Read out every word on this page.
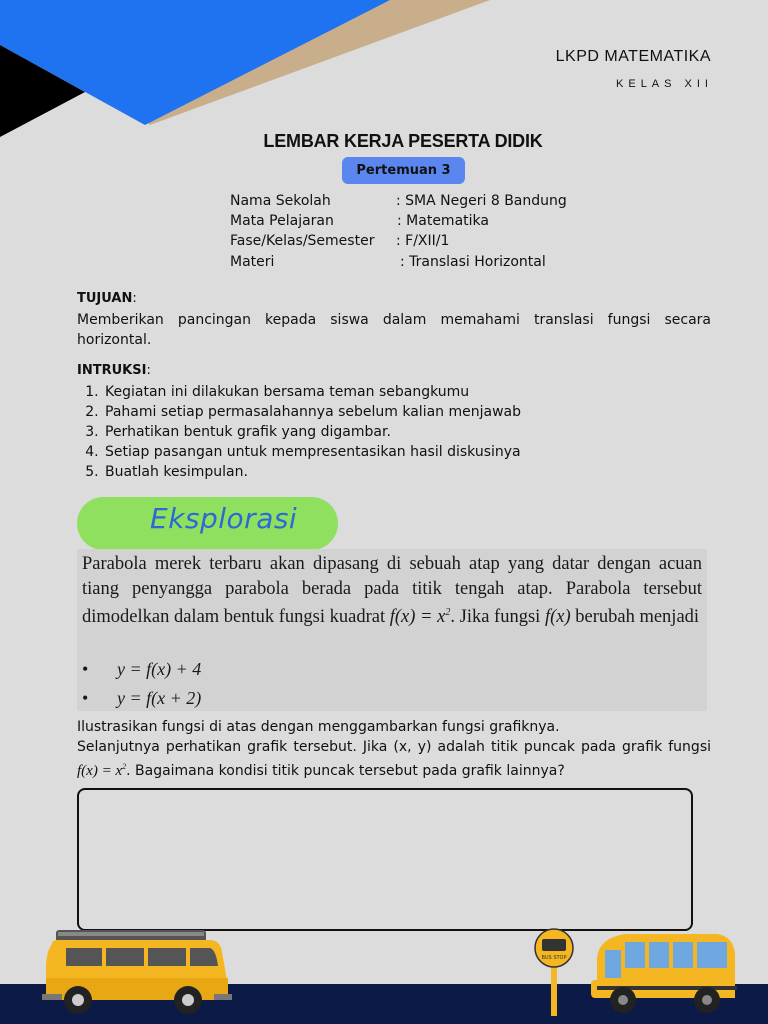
LKPD MATEMATIKA
KELAS XII
LEMBAR KERJA PESERTA DIDIK
Pertemuan 3
Nama Sekolah	: SMA Negeri 8 Bandung
Mata Pelajaran	: Matematika
Fase/Kelas/Semester : F/XII/1
Materi	: Translasi Horizontal
TUJUAN:
Memberikan pancingan kepada siswa dalam memahami translasi fungsi secara horizontal.
INTRUKSI:
1. Kegiatan ini dilakukan bersama teman sebangkumu
2. Pahami setiap permasalahannya sebelum kalian menjawab
3. Perhatikan bentuk grafik yang digambar.
4. Setiap pasangan untuk mempresentasikan hasil diskusinya
5. Buatlah kesimpulan.
Eksplorasi
Parabola merek terbaru akan dipasang di sebuah atap yang datar dengan acuan tiang penyangga parabola berada pada titik tengah atap. Parabola tersebut dimodelkan dalam bentuk fungsi kuadrat $f(x) = x^2$. Jika fungsi f(x) berubah menjadi
• y = f(x) + 4
• y = f(x + 2)
Ilustrasikan fungsi di atas dengan menggambarkan fungsi grafiknya.
Selanjutnya perhatikan grafik tersebut. Jika (x, y) adalah titik puncak pada grafik fungsi $f(x) = x^2$. Bagaimana kondisi titik puncak tersebut pada grafik lainnya?
BUS STOP
